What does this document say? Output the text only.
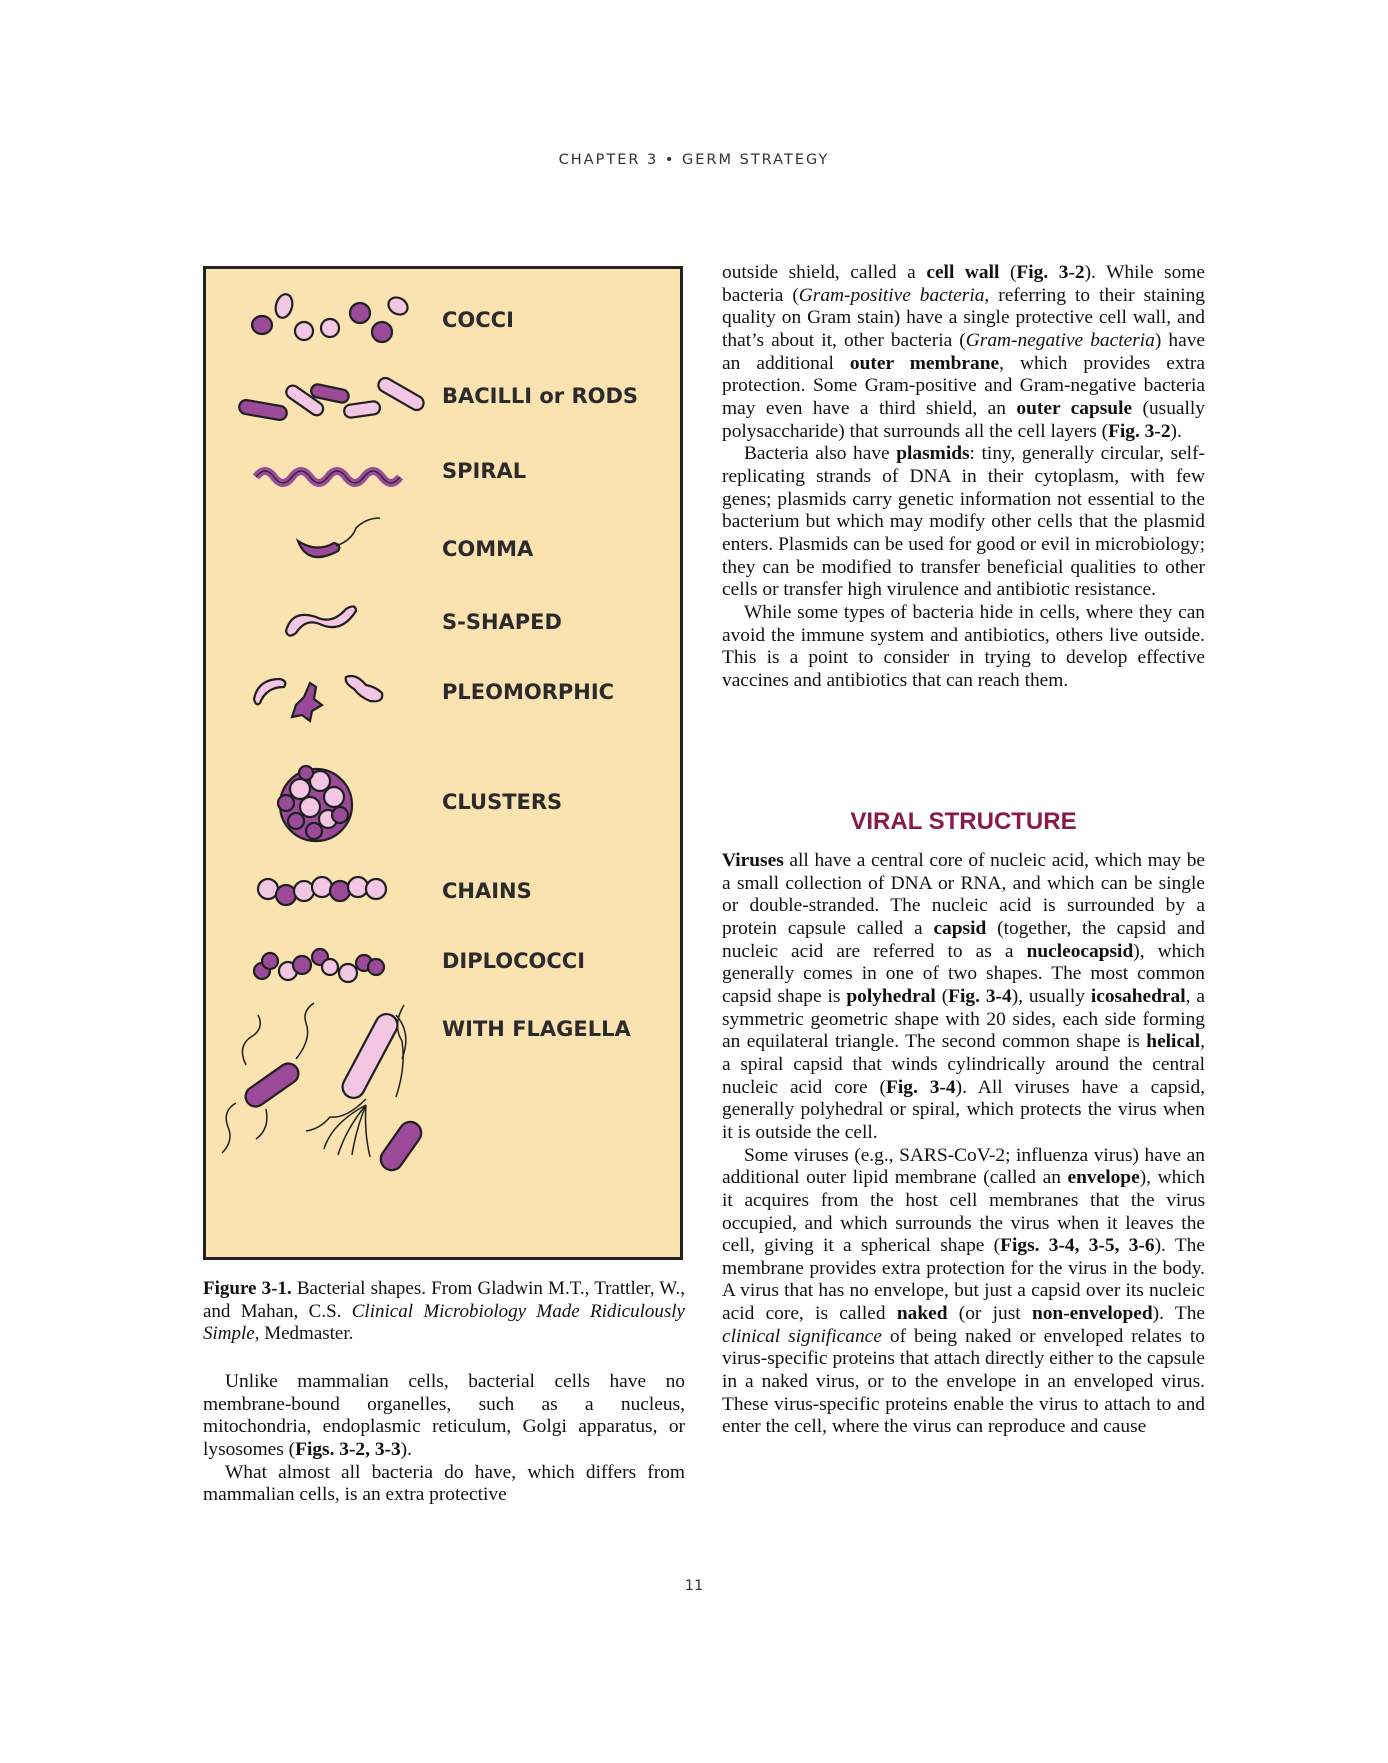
CHAPTER 3 • GERM STRATEGY
COCCI
BACILLI or RODS
SPIRAL
COMMA
S-SHAPED
PLEOMORPHIC
CLUSTERS
CHAINS
DIPLOCOCCI
WITH FLAGELLA
Figure 3-1. Bacterial shapes. From Gladwin M.T., Trattler, W., and Mahan, C.S. Clinical Microbiology Made Ridiculously Simple, Medmaster.

Unlike mammalian cells, bacterial cells have no membrane-bound organelles, such as a nucleus, mitochondria, endoplasmic reticulum, Golgi apparatus, or lysosomes (Figs. 3-2, 3-3).

What almost all bacteria do have, which differs from mammalian cells, is an extra protective

outside shield, called a cell wall (Fig. 3-2). While some bacteria (Gram-positive bacteria, referring to their staining quality on Gram stain) have a single protective cell wall, and that’s about it, other bacteria (Gram-negative bacteria) have an additional outer membrane, which provides extra protection. Some Gram-positive and Gram-negative bacteria may even have a third shield, an outer capsule (usually polysaccharide) that surrounds all the cell layers (Fig. 3-2).

Bacteria also have plasmids: tiny, generally circular, self-replicating strands of DNA in their cytoplasm, with few genes; plasmids carry genetic information not essential to the bacterium but which may modify other cells that the plasmid enters. Plasmids can be used for good or evil in microbiology; they can be modified to transfer beneficial qualities to other cells or transfer high virulence and antibiotic resistance.

While some types of bacteria hide in cells, where they can avoid the immune system and antibiotics, others live outside. This is a point to consider in trying to develop effective vaccines and antibiotics that can reach them.

VIRAL STRUCTURE

Viruses all have a central core of nucleic acid, which may be a small collection of DNA or RNA, and which can be single or double-stranded. The nucleic acid is surrounded by a protein capsule called a capsid (together, the capsid and nucleic acid are referred to as a nucleocapsid), which generally comes in one of two shapes. The most common capsid shape is polyhedral (Fig. 3-4), usually icosahedral, a symmetric geometric shape with 20 sides, each side forming an equilateral triangle. The second common shape is helical, a spiral capsid that winds cylindrically around the central nucleic acid core (Fig. 3-4). All viruses have a capsid, generally polyhedral or spiral, which protects the virus when it is outside the cell.

Some viruses (e.g., SARS-CoV-2; influenza virus) have an additional outer lipid membrane (called an envelope), which it acquires from the host cell membranes that the virus occupied, and which surrounds the virus when it leaves the cell, giving it a spherical shape (Figs. 3-4, 3-5, 3-6). The membrane provides extra protection for the virus in the body. A virus that has no envelope, but just a capsid over its nucleic acid core, is called naked (or just non-enveloped). The clinical significance of being naked or enveloped relates to virus-specific proteins that attach directly either to the capsule in a naked virus, or to the envelope in an enveloped virus. These virus-specific proteins enable the virus to attach to and enter the cell, where the virus can reproduce and cause

11
